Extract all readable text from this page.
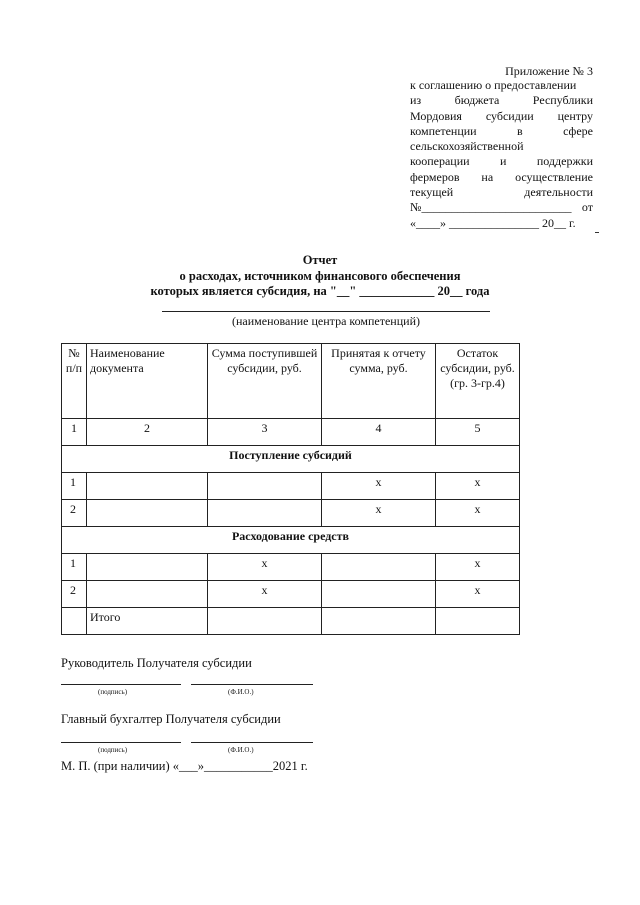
Приложение № 3
к соглашению о предоставлении
из	бюджета	Республики
Мордовия субсидии центру
компетенции	в	сфере
сельскохозяйственной
кооперации	и	поддержки
фермеров на осуществление
текущей	деятельности
№_________________________ от
«____» _______________ 20__ г.
Отчет
о расходах, источником финансового обеспечения
которых является субсидия, на "__" ____________ 20__ года
(наименование центра компетенций)
№ п/п	Наименование документа	Сумма поступившей субсидии, руб.	Принятая к отчету сумма, руб.	Остаток субсидии, руб. (гр. 3-гр.4)
1	2	3	4	5
Поступление субсидий				
1			х	х
2			х	х
Расходование средств				
1		х		х
2		х		х
	Итого			
Руководитель Получателя субсидии
(подпись)	(Ф.И.О.)
Главный бухгалтер Получателя субсидии
(подпись)	(Ф.И.О.)
М. П. (при наличии) «___»___________2021 г.
